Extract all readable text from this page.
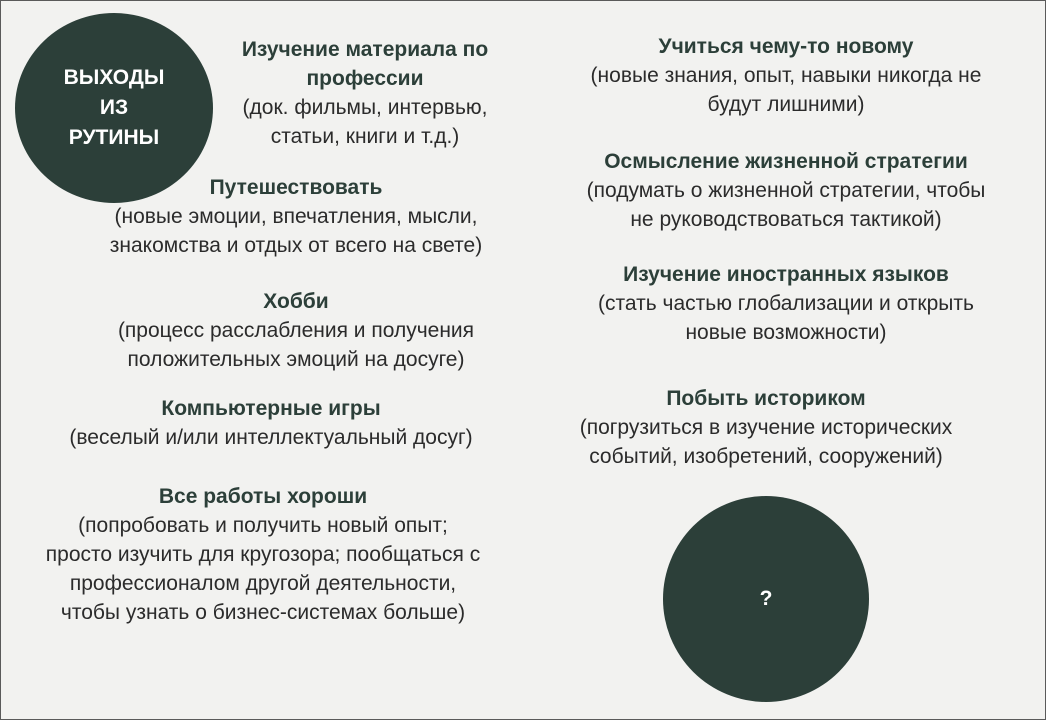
ВЫХОДЫ
ИЗ
РУТИНЫ
Изучение материала по
профессии
(док. фильмы, интервью,
статьи, книги и т.д.)
Путешествовать
(новые эмоции, впечатления, мысли,
знакомства и отдых от всего на свете)
Хобби
(процесс расслабления и получения
положительных эмоций на досуге)
Компьютерные игры
(веселый и/или интеллектуальный досуг)
Все работы хороши
(попробовать и получить новый опыт;
просто изучить для кругозора; пообщаться с
профессионалом другой деятельности,
чтобы узнать о бизнес-системах больше)
Учиться чему-то новому
(новые знания, опыт, навыки никогда не
будут лишними)
Осмысление жизненной стратегии
(подумать о жизненной стратегии, чтобы
не руководствоваться тактикой)
Изучение иностранных языков
(стать частью глобализации и открыть
новые возможности)
Побыть историком
(погрузиться в изучение исторических
событий, изобретений, сооружений)
?
